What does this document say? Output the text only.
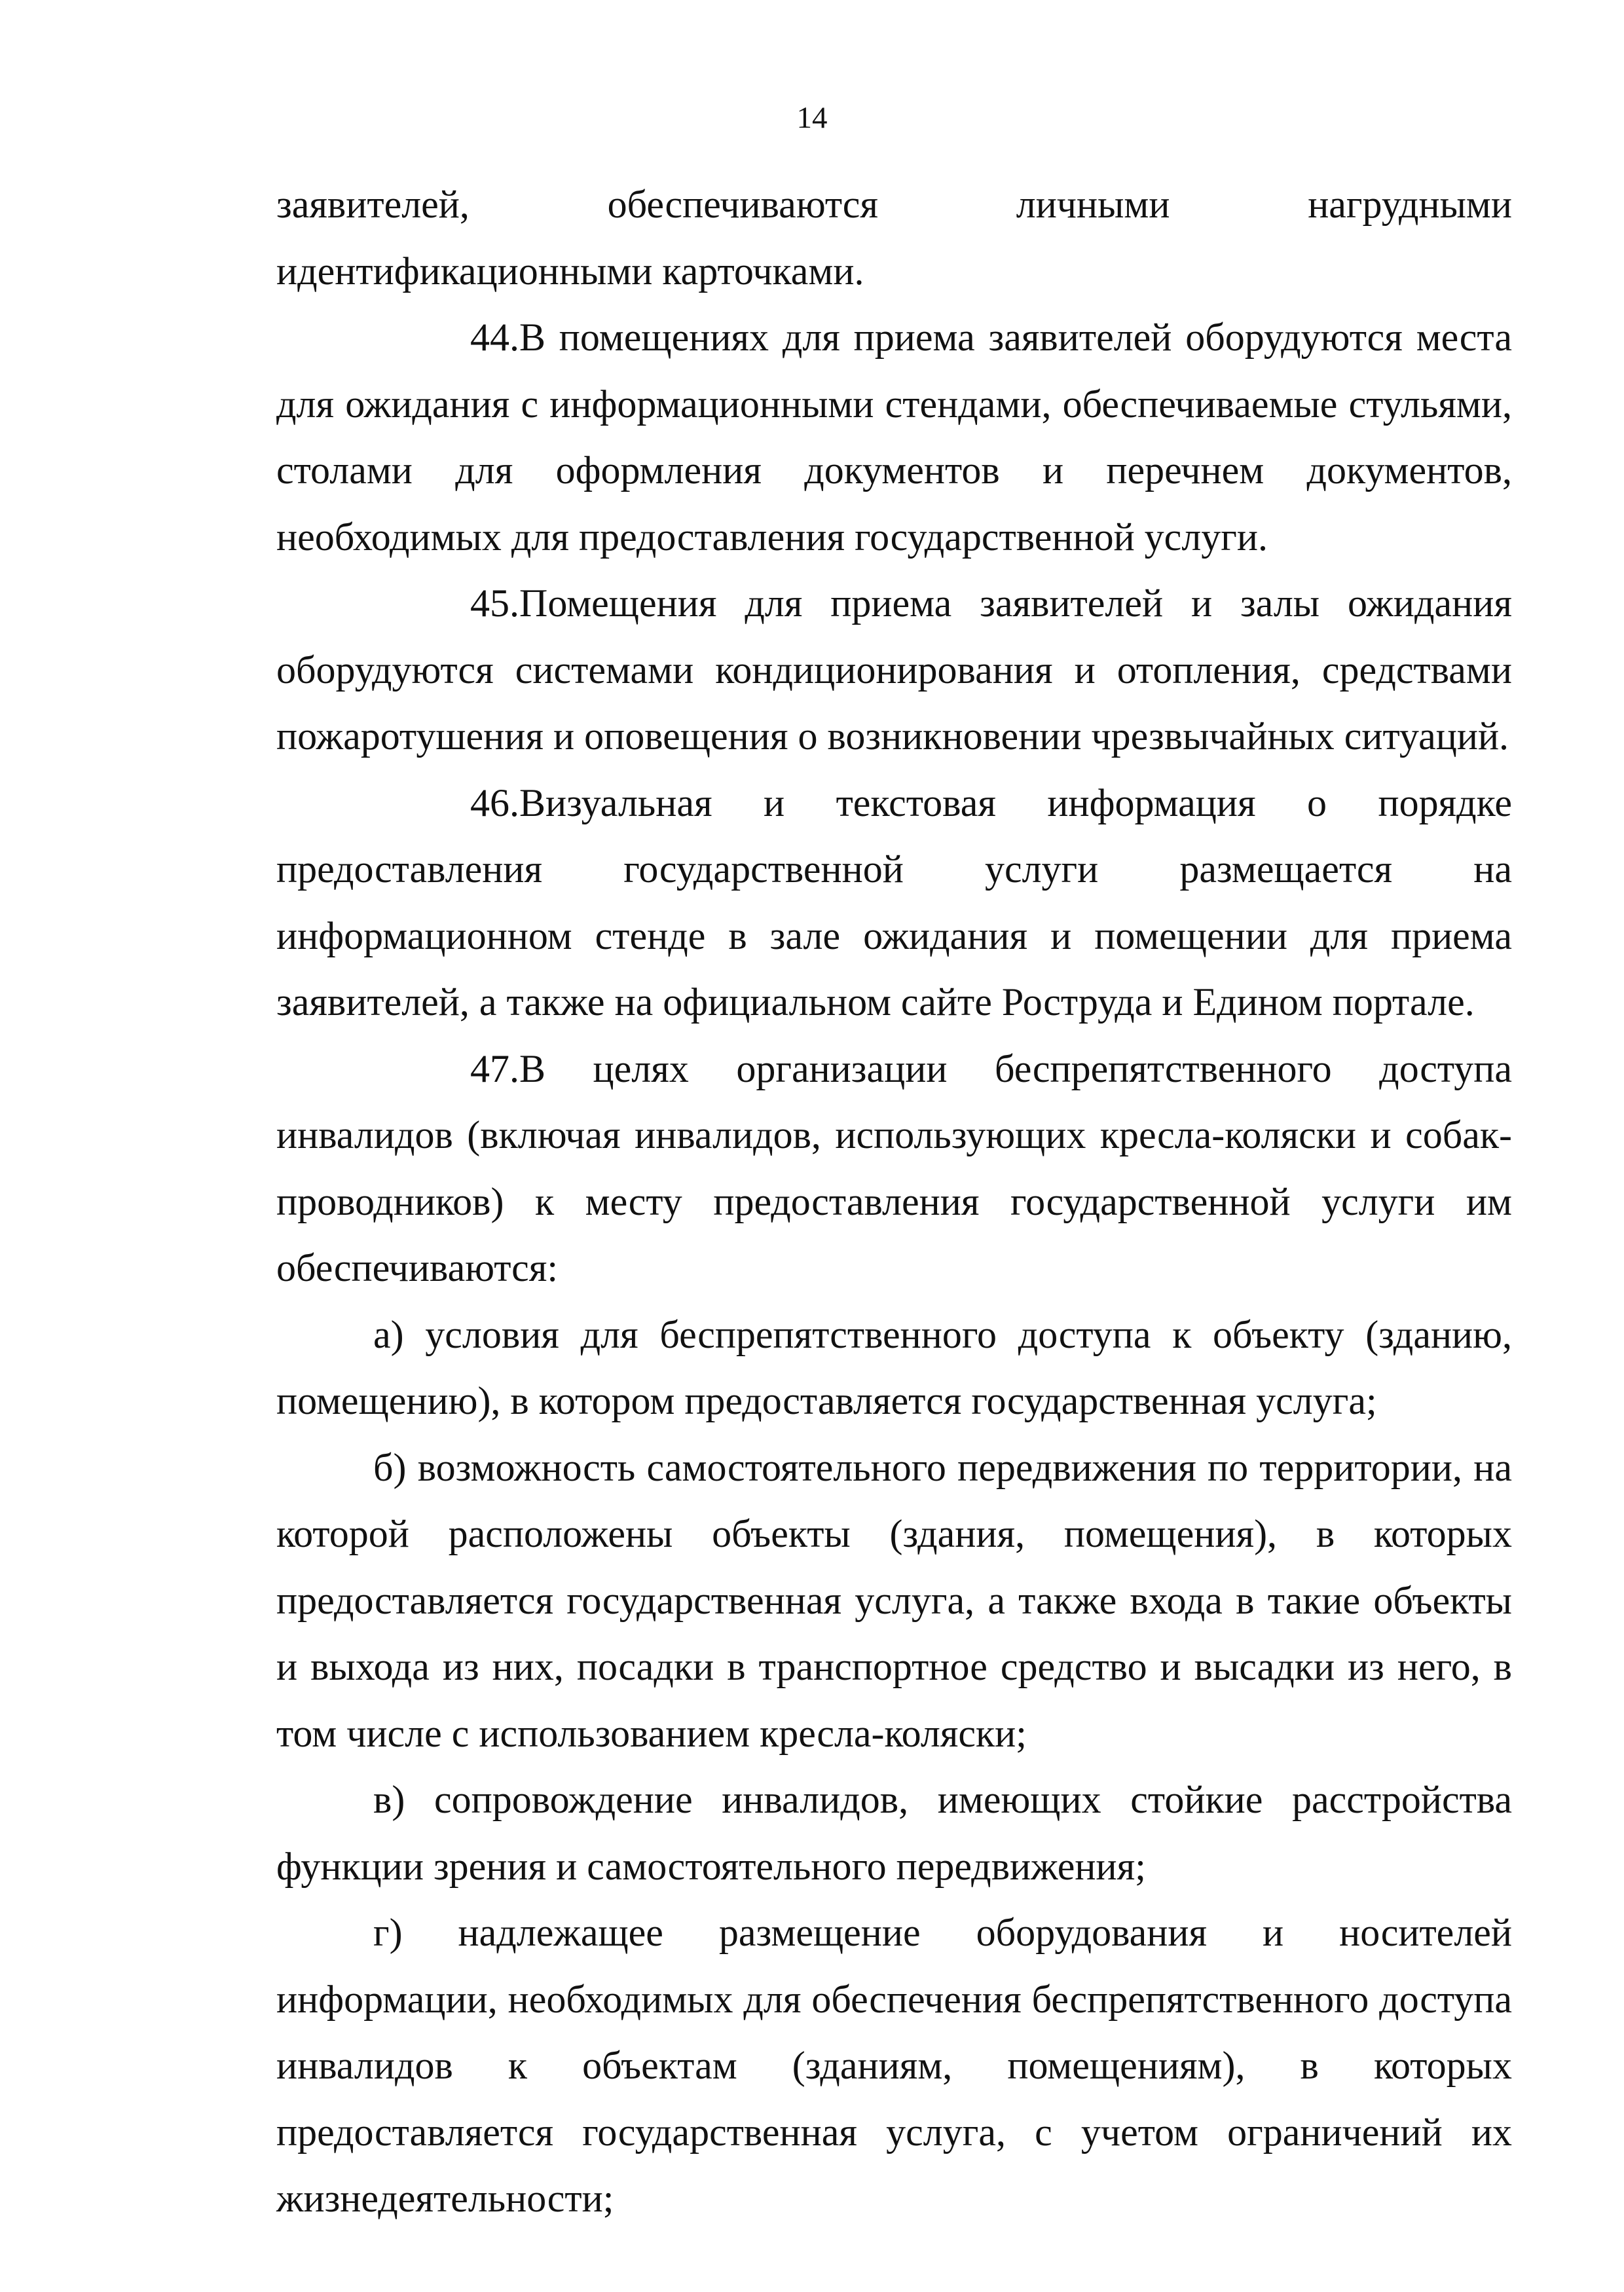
14

заявителей, обеспечиваются личными нагрудными идентификационными карточками.

44.В помещениях для приема заявителей оборудуются места для ожидания с информационными стендами, обеспечиваемые стульями, столами для оформления документов и перечнем документов, необходимых для предоставления государственной услуги.

45.Помещения для приема заявителей и залы ожидания оборудуются системами кондиционирования и отопления, средствами пожаротушения и оповещения о возникновении чрезвычайных ситуаций.

46.Визуальная и текстовая информация о порядке предоставления государственной услуги размещается на информационном стенде в зале ожидания и помещении для приема заявителей, а также на официальном сайте Роструда и Едином портале.

47.В целях организации беспрепятственного доступа инвалидов (включая инвалидов, использующих кресла-коляски и собак-проводников) к месту предоставления государственной услуги им обеспечиваются:

а) условия для беспрепятственного доступа к объекту (зданию, помещению), в котором предоставляется государственная услуга;

б) возможность самостоятельного передвижения по территории, на которой расположены объекты (здания, помещения), в которых предоставляется государственная услуга, а также входа в такие объекты и выхода из них, посадки в транспортное средство и высадки из него, в том числе с использованием кресла-коляски;

в) сопровождение инвалидов, имеющих стойкие расстройства функции зрения и самостоятельного передвижения;

г) надлежащее размещение оборудования и носителей информации, необходимых для обеспечения беспрепятственного доступа инвалидов к объектам (зданиям, помещениям), в которых предоставляется государственная услуга, с учетом ограничений их жизнедеятельности;
